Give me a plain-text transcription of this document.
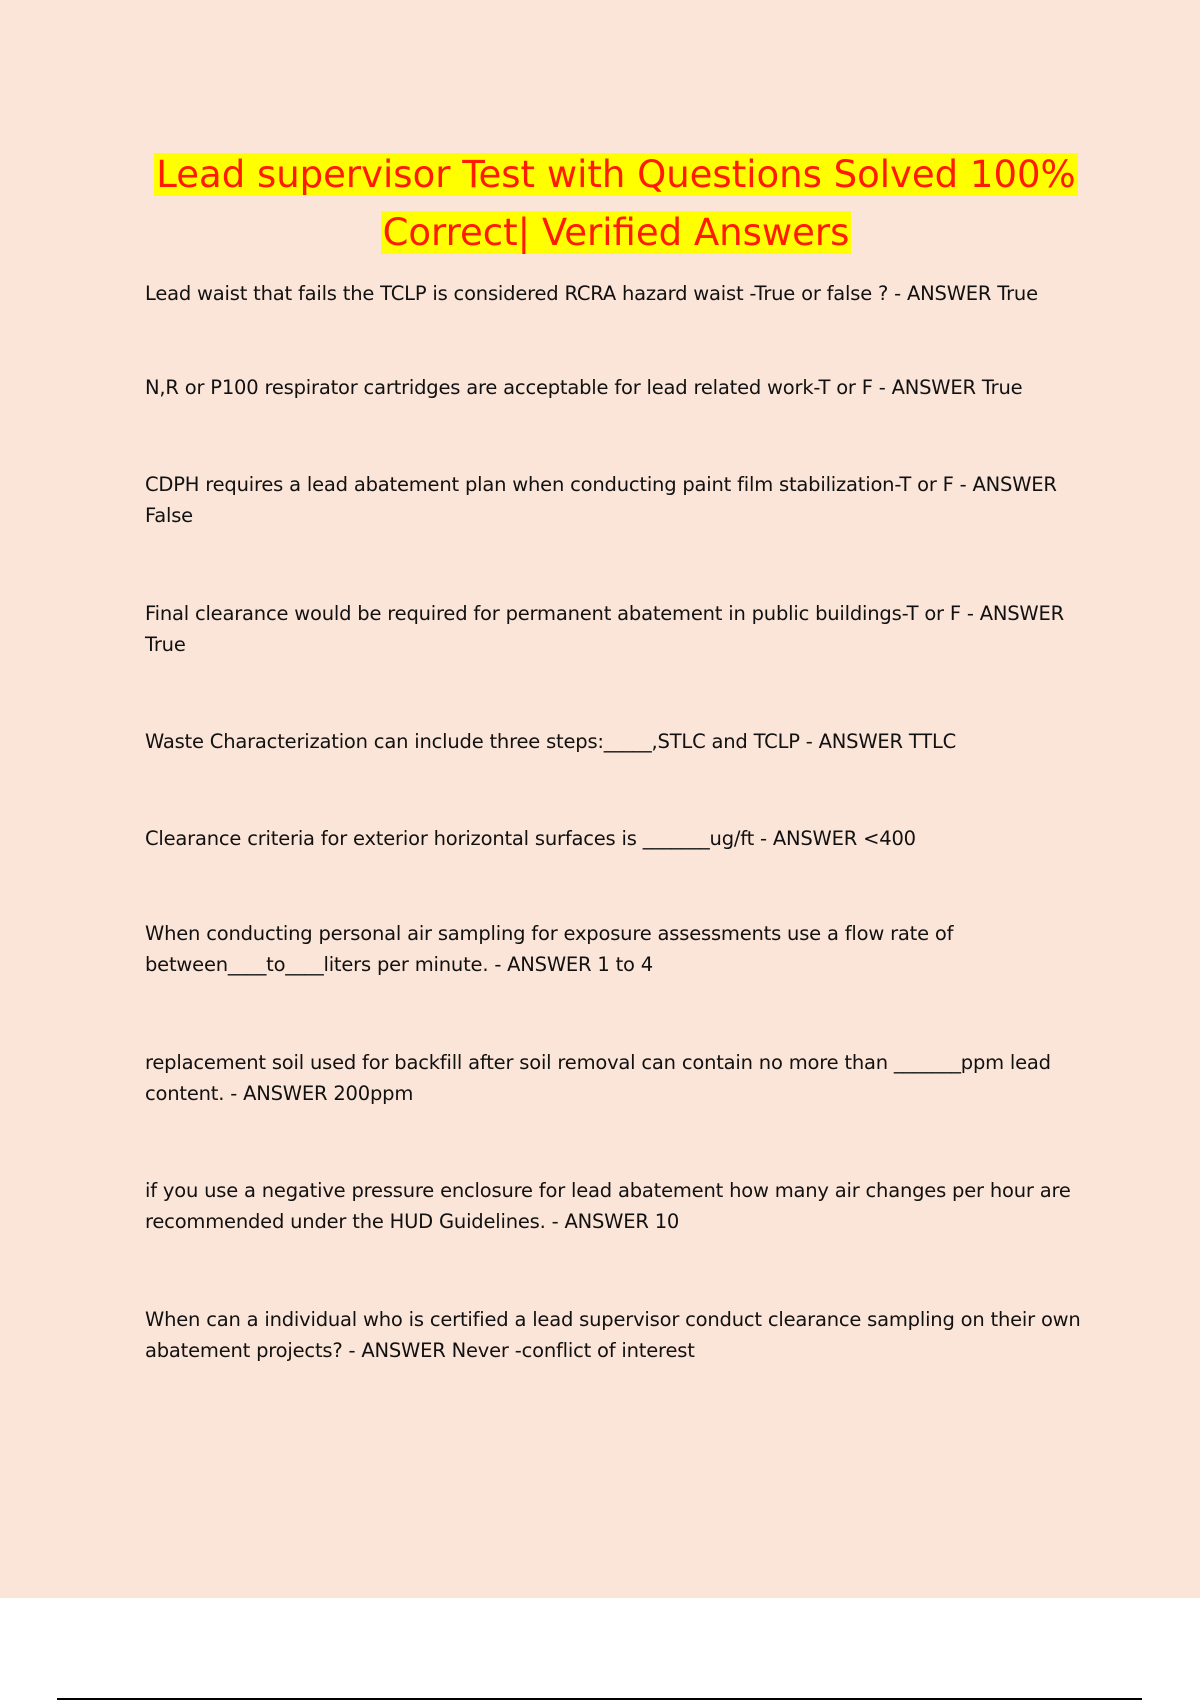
Lead supervisor Test with Questions Solved 100%
Correct| Verified Answers

Lead waist that fails the TCLP is considered RCRA hazard waist -True or false ? - ANSWER True

N,R or P100 respirator cartridges are acceptable for lead related work-T or F - ANSWER True

CDPH requires a lead abatement plan when conducting paint film stabilization-T or F - ANSWER False

Final clearance would be required for permanent abatement in public buildings-T or F - ANSWER True

Waste Characterization can include three steps:_____,STLC and TCLP - ANSWER TTLC

Clearance criteria for exterior horizontal surfaces is _______ug/ft - ANSWER <400

When conducting personal air sampling for exposure assessments use a flow rate of between____to____liters per minute. - ANSWER 1 to 4

replacement soil used for backfill after soil removal can contain no more than _______ppm lead content. - ANSWER 200ppm

if you use a negative pressure enclosure for lead abatement how many air changes per hour are recommended under the HUD Guidelines. - ANSWER 10

When can a individual who is certified a lead supervisor conduct clearance sampling on their own abatement projects? - ANSWER Never -conflict of interest
